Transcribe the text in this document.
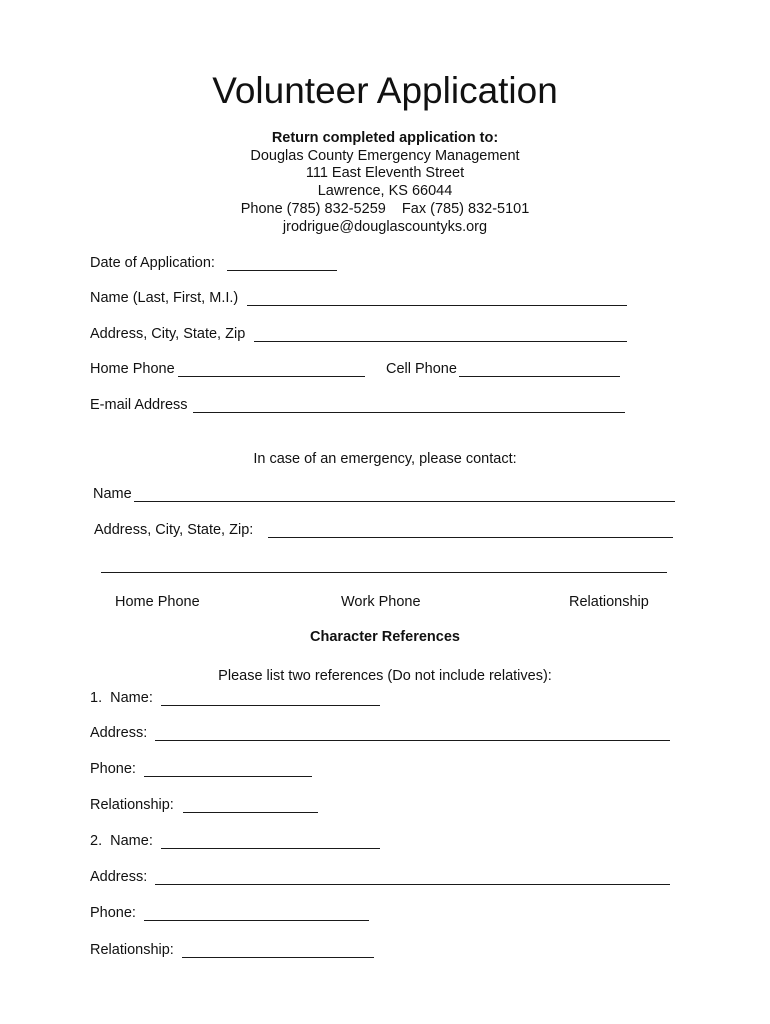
Volunteer Application
Return completed application to:
Douglas County Emergency Management
111 East Eleventh Street
Lawrence, KS 66044
Phone (785) 832-5259    Fax (785) 832-5101
jrodrigue@douglascountyks.org
Date of Application:
Name (Last, First, M.I.)
Address, City, State, Zip
Home Phone	Cell Phone
E-mail Address
In case of an emergency, please contact:
Name
Address, City, State, Zip:
Home Phone	Work Phone	Relationship
Character References
Please list two references (Do not include relatives):
1.  Name:
Address:
Phone:
Relationship:
2.  Name:
Address:
Phone:
Relationship:
